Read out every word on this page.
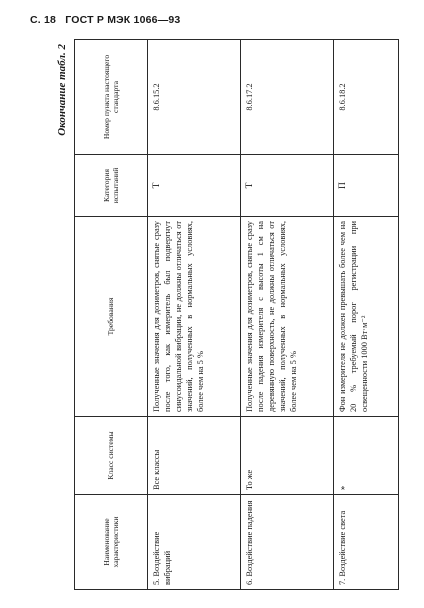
С. 18 ГОСТ Р МЭК 1066—93
Окончание табл. 2
Наименование характеристики	Класс системы	Требования	Категория испытаний	Номер пункта настоящего стандарта
5. Воздействие вибраций	Все классы	Полученные значения для дозиметров, снятые сразу после того, как измеритель был подвергнут синусоидальной вибрации, не должны отличаться от значений, полученных в нормальных условиях, более чем на 5 %	Т	8.6.15.2
6. Воздействие падения	То же	Полученные значения для дозиметров, снятые сразу после падения измерителя с высоты 1 см на деревянную поверхность, не должны отличаться от значений, полученных в нормальных условиях, более чем на 5 %	Т	8.6.17.2
7. Воздействие света	»	Фон измерителя не должен превышать более чем на 20 % требуемый порог регистрации при освещенности 1000 Вт·м⁻²	П	8.6.18.2
